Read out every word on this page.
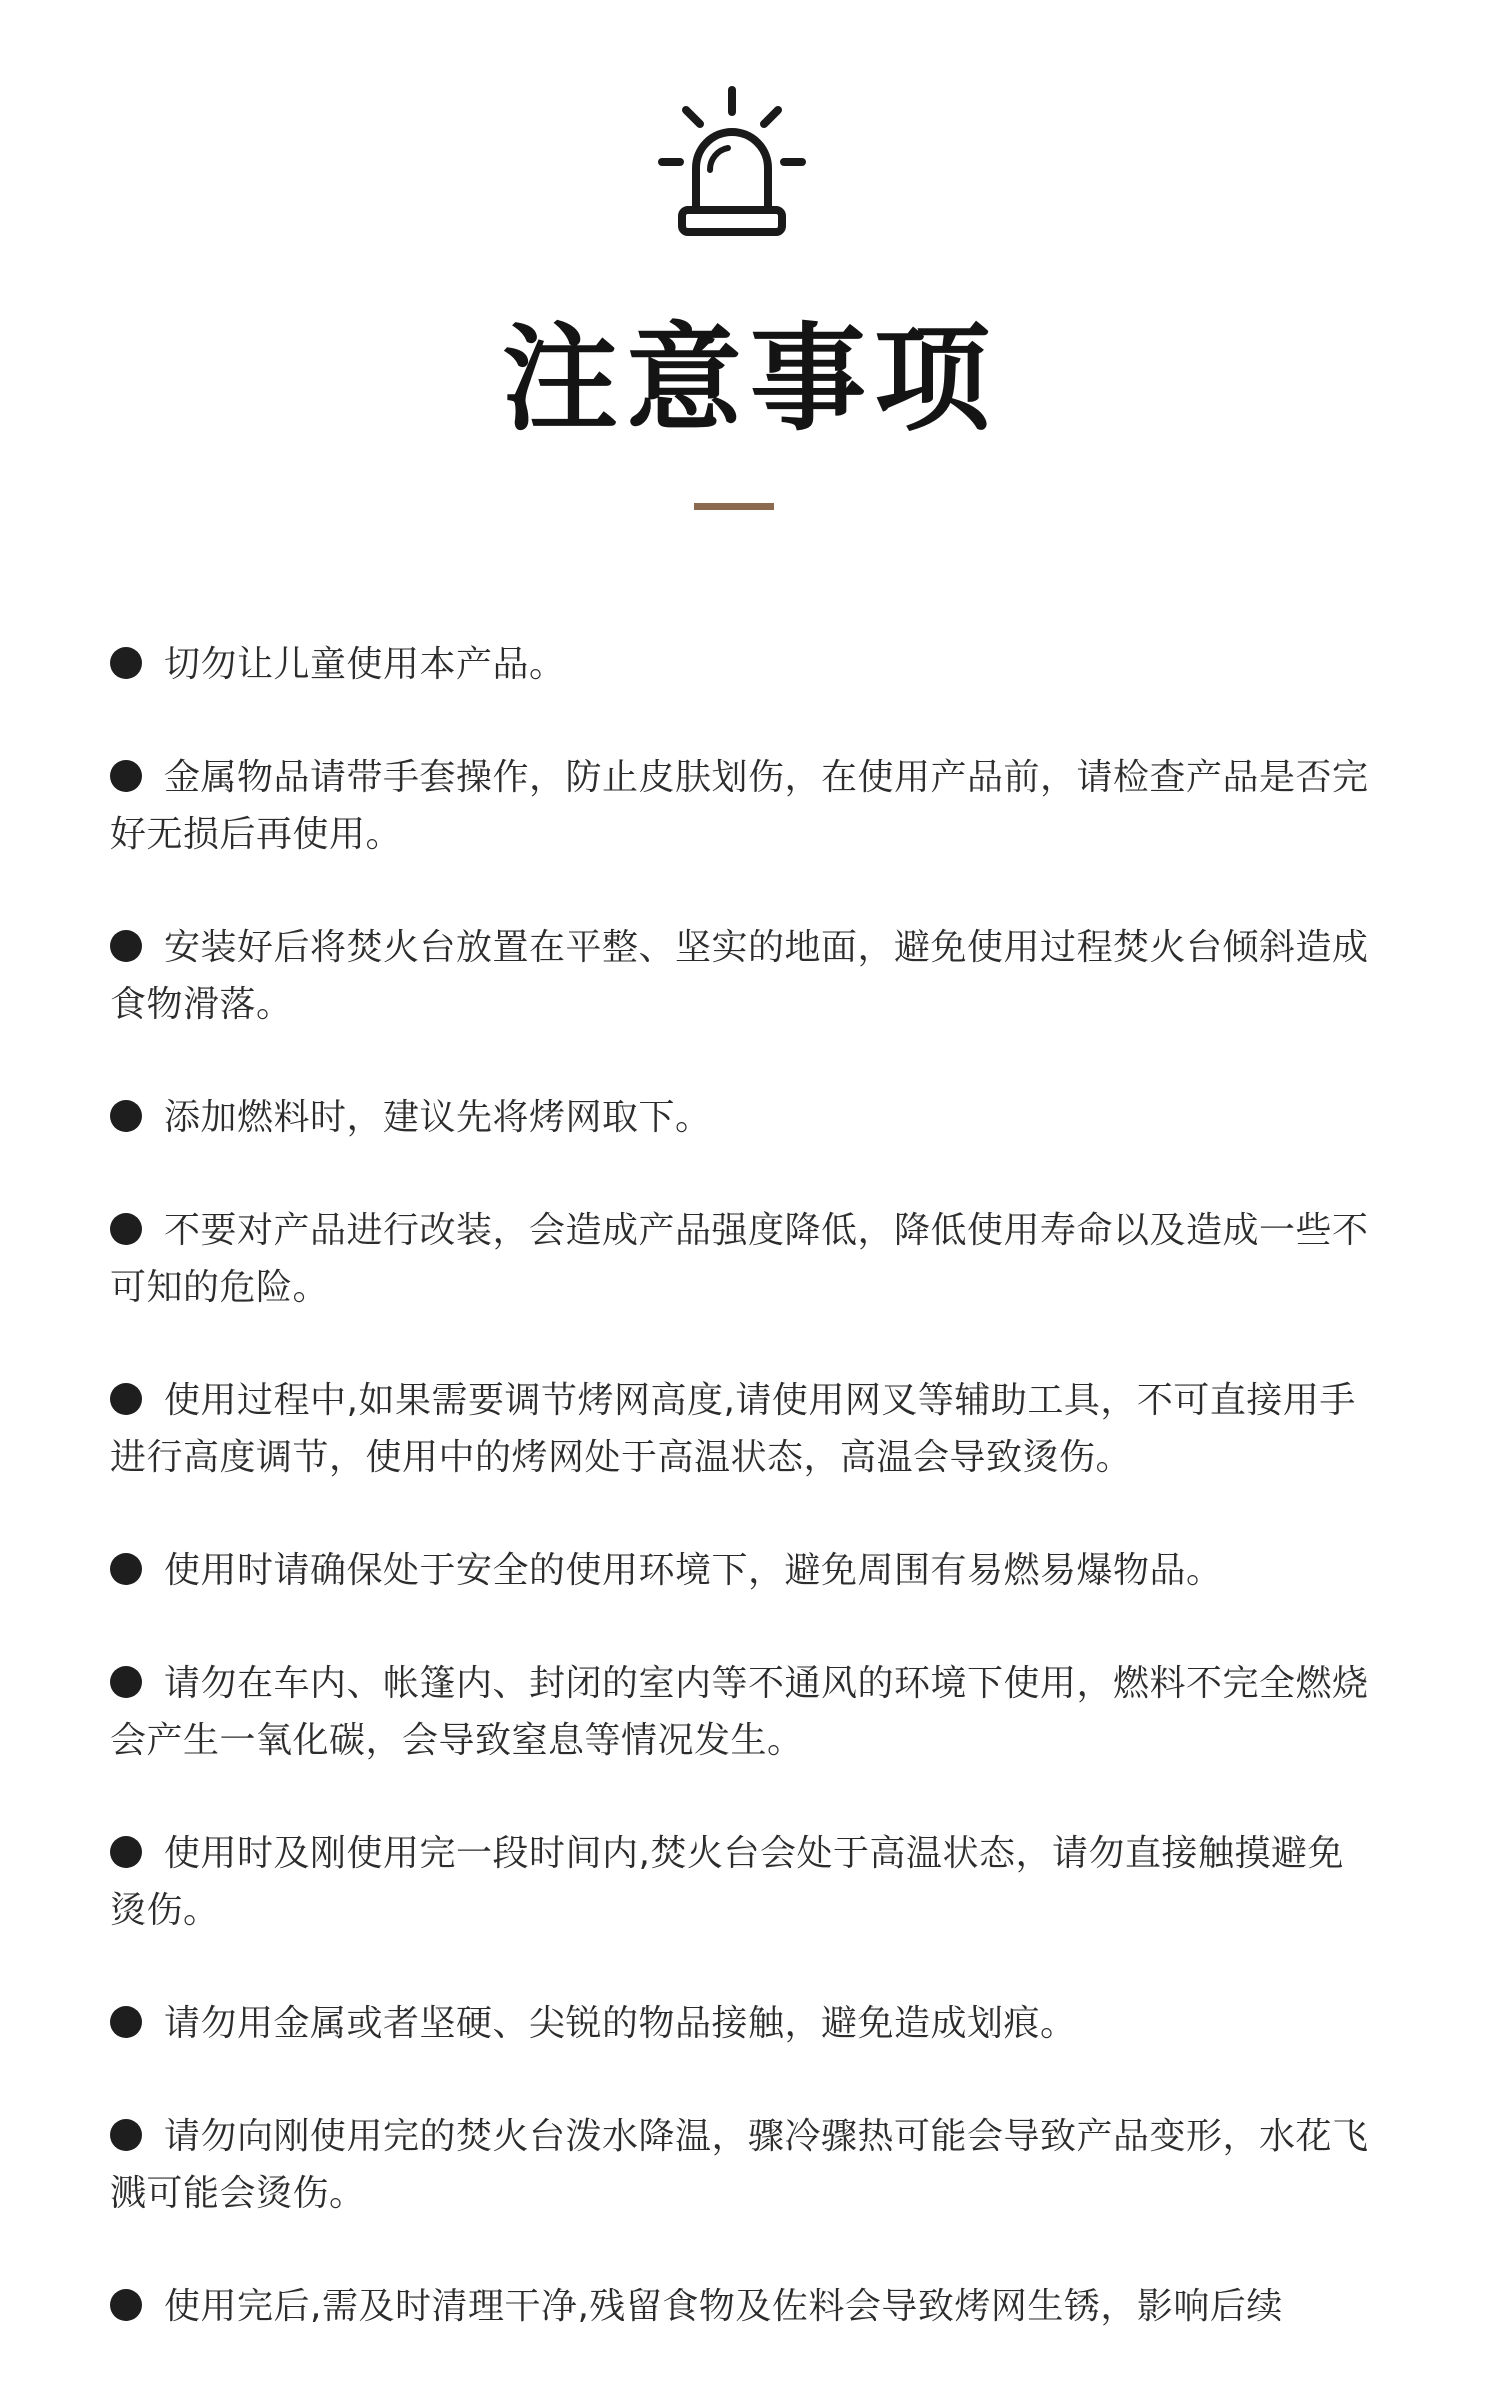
注意事项
切勿让儿童使用本产品。
金属物品请带手套操作，防止皮肤划伤，在使用产品前，请检查产品是否完好无损后再使用。
安装好后将焚火台放置在平整、坚实的地面，避免使用过程焚火台倾斜造成食物滑落。
添加燃料时，建议先将烤网取下。
不要对产品进行改装，会造成产品强度降低，降低使用寿命以及造成一些不可知的危险。
使用过程中,如果需要调节烤网高度,请使用网叉等辅助工具，不可直接用手进行高度调节，使用中的烤网处于高温状态，高温会导致烫伤。
使用时请确保处于安全的使用环境下，避免周围有易燃易爆物品。
请勿在车内、帐篷内、封闭的室内等不通风的环境下使用，燃料不完全燃烧会产生一氧化碳，会导致窒息等情况发生。
使用时及刚使用完一段时间内,焚火台会处于高温状态，请勿直接触摸避免烫伤。
请勿用金属或者坚硬、尖锐的物品接触，避免造成划痕。
请勿向刚使用完的焚火台泼水降温，骤冷骤热可能会导致产品变形，水花飞溅可能会烫伤。
使用完后,需及时清理干净,残留食物及佐料会导致烤网生锈，影响后续
